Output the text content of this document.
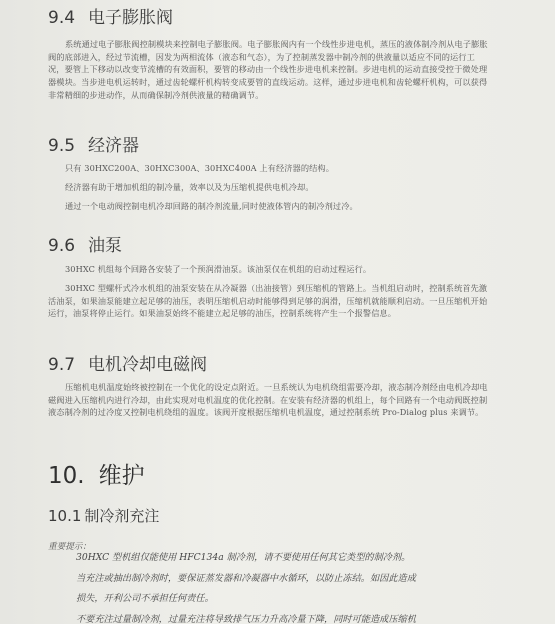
9.4 电子膨胀阀
系统通过电子膨胀阀控制模块来控制电子膨胀阀。电子膨胀阀内有一个线性步进电机，蒸压的液体制冷剂从电子膨胀阀的底部进入，经过节流槽，因发为两相流体（液态和气态），为了控制蒸发器中制冷剂的供液量以适应不同的运行工况，要管上下移动以改变节流槽的有效面积，要管的移动由一个线性步进电机来控制。步进电机的运动直接受控于微处理器模块。当步进电机运转时，通过齿轮螺杆机构转变成要管的直线运动。这样，通过步进电机和齿轮螺杆机构，可以获得非常精细的步进动作，从而确保制冷剂供液量的精确调节。
9.5 经济器
只有 30HXC200A、30HXC300A、30HXC400A 上有经济器的结构。
经济器有助于增加机组的制冷量，效率以及为压缩机提供电机冷却。
通过一个电动阀控制电机冷却回路的制冷剂流量,同时使液体管内的制冷剂过冷。
9.6 油泵
30HXC 机组每个回路各安装了一个预润滑油泵。该油泵仅在机组的启动过程运行。
30HXC 型螺杆式冷水机组的油泵安装在从冷凝器（出油接管）到压缩机的管路上。当机组启动时，控制系统首先激活油泵，如果油泵能建立起足够的油压，表明压缩机启动时能够得到足够的润滑，压缩机就能顺利启动。一旦压缩机开始运行，油泵将停止运行。如果油泵始终不能建立起足够的油压，控制系统将产生一个报警信息。
9.7 电机冷却电磁阀
压缩机电机温度始终被控制在一个优化的设定点附近。一旦系统认为电机绕组需要冷却，液态制冷剂经由电机冷却电磁阀进入压缩机内进行冷却，由此实现对电机温度的优化控制。在安装有经济器的机组上，每个回路有一个电动阀既控制液态制冷剂的过冷度又控制电机绕组的温度。该阀开度根据压缩机电机温度，通过控制系统 Pro-Dialog plus 来调节。
10. 维护
10.1 制冷剂充注
重要提示：
30HXC 型机组仅能使用 HFC134a 制冷剂，请不要使用任何其它类型的制冷剂。
当充注或抽出制冷剂时，要保证蒸发器和冷凝器中水循环，以防止冻结。如因此造成
损失，开利公司不承担任何责任。
不要充注过量制冷剂，过量充注将导致排气压力升高冷量下降，同时可能造成压缩机
